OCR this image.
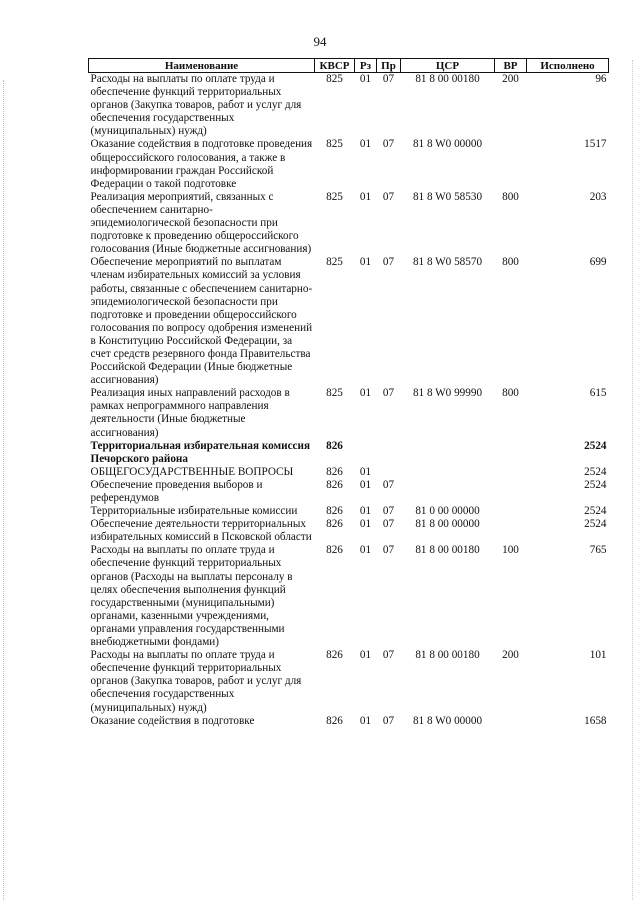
94
Наименование	КВСР	Рз	Пр	ЦСР	ВР	Исполнено
Расходы на выплаты по оплате труда и обеспечение функций территориальных органов (Закупка товаров, работ и услуг для обеспечения государственных (муниципальных) нужд)	825	01	07	81 8 00 00180	200	96
Оказание содействия в подготовке проведения общероссийского голосования, а также в информировании граждан Российской Федерации о такой подготовке	825	01	07	81 8 W0 00000		1517
Реализация мероприятий, связанных с обеспечением санитарно-эпидемиологической безопасности при подготовке к проведению общероссийского голосования (Иные бюджетные ассигнования)	825	01	07	81 8 W0 58530	800	203
Обеспечение мероприятий по выплатам членам избирательных комиссий за условия работы, связанные с обеспечением санитарно-эпидемиологической безопасности при подготовке и проведении общероссийского голосования по вопросу одобрения изменений в Конституцию Российской Федерации, за счет средств резервного фонда Правительства Российской Федерации (Иные бюджетные ассигнования)	825	01	07	81 8 W0 58570	800	699
Реализация иных направлений расходов в рамках непрограммного направления деятельности (Иные бюджетные ассигнования)	825	01	07	81 8 W0 99990	800	615
Территориальная избирательная комиссия Печорского района	826					2524
ОБЩЕГОСУДАРСТВЕННЫЕ ВОПРОСЫ	826	01				2524
Обеспечение проведения выборов и референдумов	826	01	07			2524
Территориальные избирательные комиссии	826	01	07	81 0 00 00000		2524
Обеспечение деятельности территориальных избирательных комиссий в Псковской области	826	01	07	81 8 00 00000		2524
Расходы на выплаты по оплате труда и обеспечение функций территориальных органов (Расходы на выплаты персоналу в целях обеспечения выполнения функций государственными (муниципальными) органами, казенными учреждениями, органами управления государственными внебюджетными фондами)	826	01	07	81 8 00 00180	100	765
Расходы на выплаты по оплате труда и обеспечение функций территориальных органов (Закупка товаров, работ и услуг для обеспечения государственных (муниципальных) нужд)	826	01	07	81 8 00 00180	200	101
Оказание содействия в подготовке	826	01	07	81 8 W0 00000		1658
